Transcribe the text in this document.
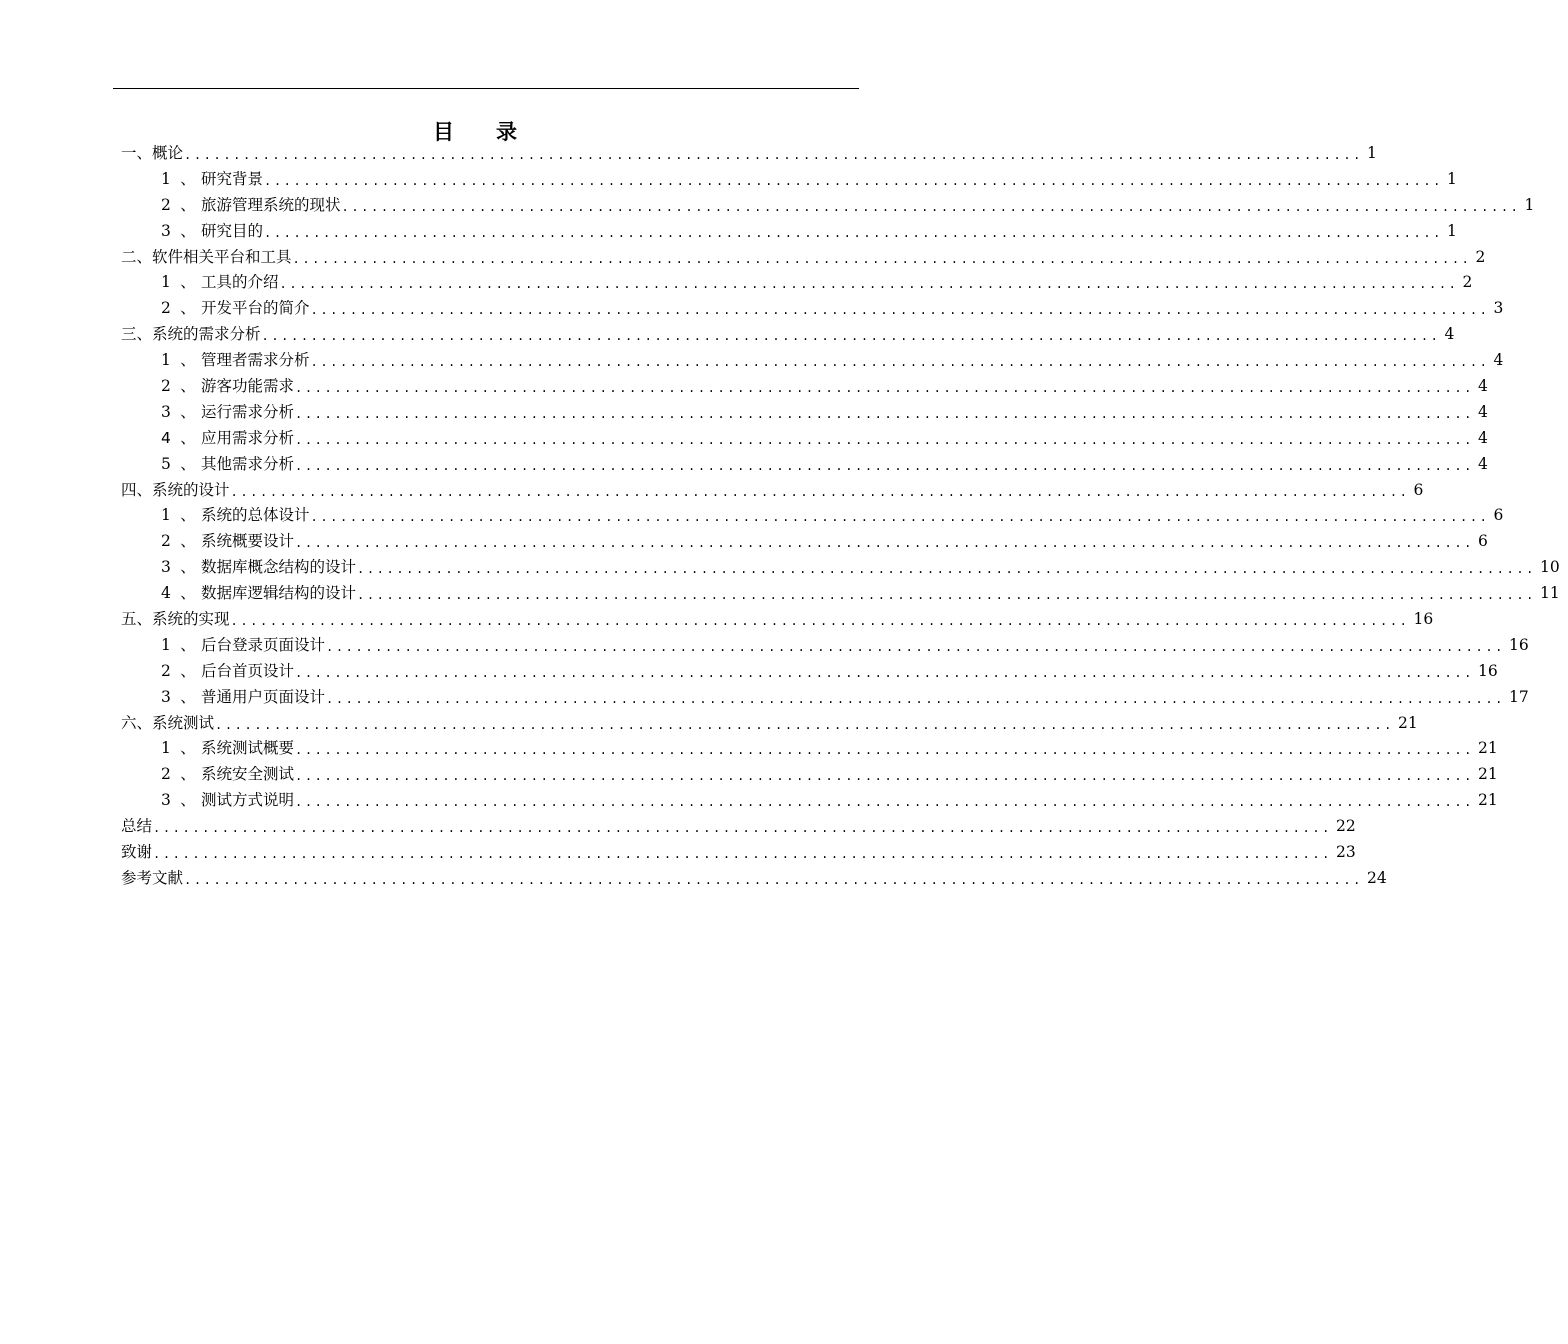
目　　录
一、概论 ........................................................................................................................ 1
1 、 研究背景 ........................................................................................................................ 1
2 、 旅游管理系统的现状 ........................................................................................................................ 1
3 、 研究目的 ........................................................................................................................ 1
二、软件相关平台和工具 ........................................................................................................................ 2
1 、 工具的介绍 ........................................................................................................................ 2
2 、 开发平台的简介 ........................................................................................................................ 3
三、系统的需求分析 ........................................................................................................................ 4
1 、 管理者需求分析 ........................................................................................................................ 4
2 、 游客功能需求 ........................................................................................................................ 4
3 、 运行需求分析 ........................................................................................................................ 4
4 、 应用需求分析 ........................................................................................................................ 4
5 、 其他需求分析 ........................................................................................................................ 4
四、系统的设计 ........................................................................................................................ 6
1 、 系统的总体设计 ........................................................................................................................ 6
2 、 系统概要设计 ........................................................................................................................ 6
3 、 数据库概念结构的设计 ........................................................................................................................ 10
4 、 数据库逻辑结构的设计 ........................................................................................................................ 11
五、系统的实现 ........................................................................................................................ 16
1 、 后台登录页面设计 ........................................................................................................................ 16
2 、 后台首页设计 ........................................................................................................................ 16
3 、 普通用户页面设计 ........................................................................................................................ 17
六、系统测试 ........................................................................................................................ 21
1 、 系统测试概要 ........................................................................................................................ 21
2 、 系统安全测试 ........................................................................................................................ 21
3 、 测试方式说明 ........................................................................................................................ 21
总结 ........................................................................................................................ 22
致谢 ........................................................................................................................ 23
参考文献 ........................................................................................................................ 24
